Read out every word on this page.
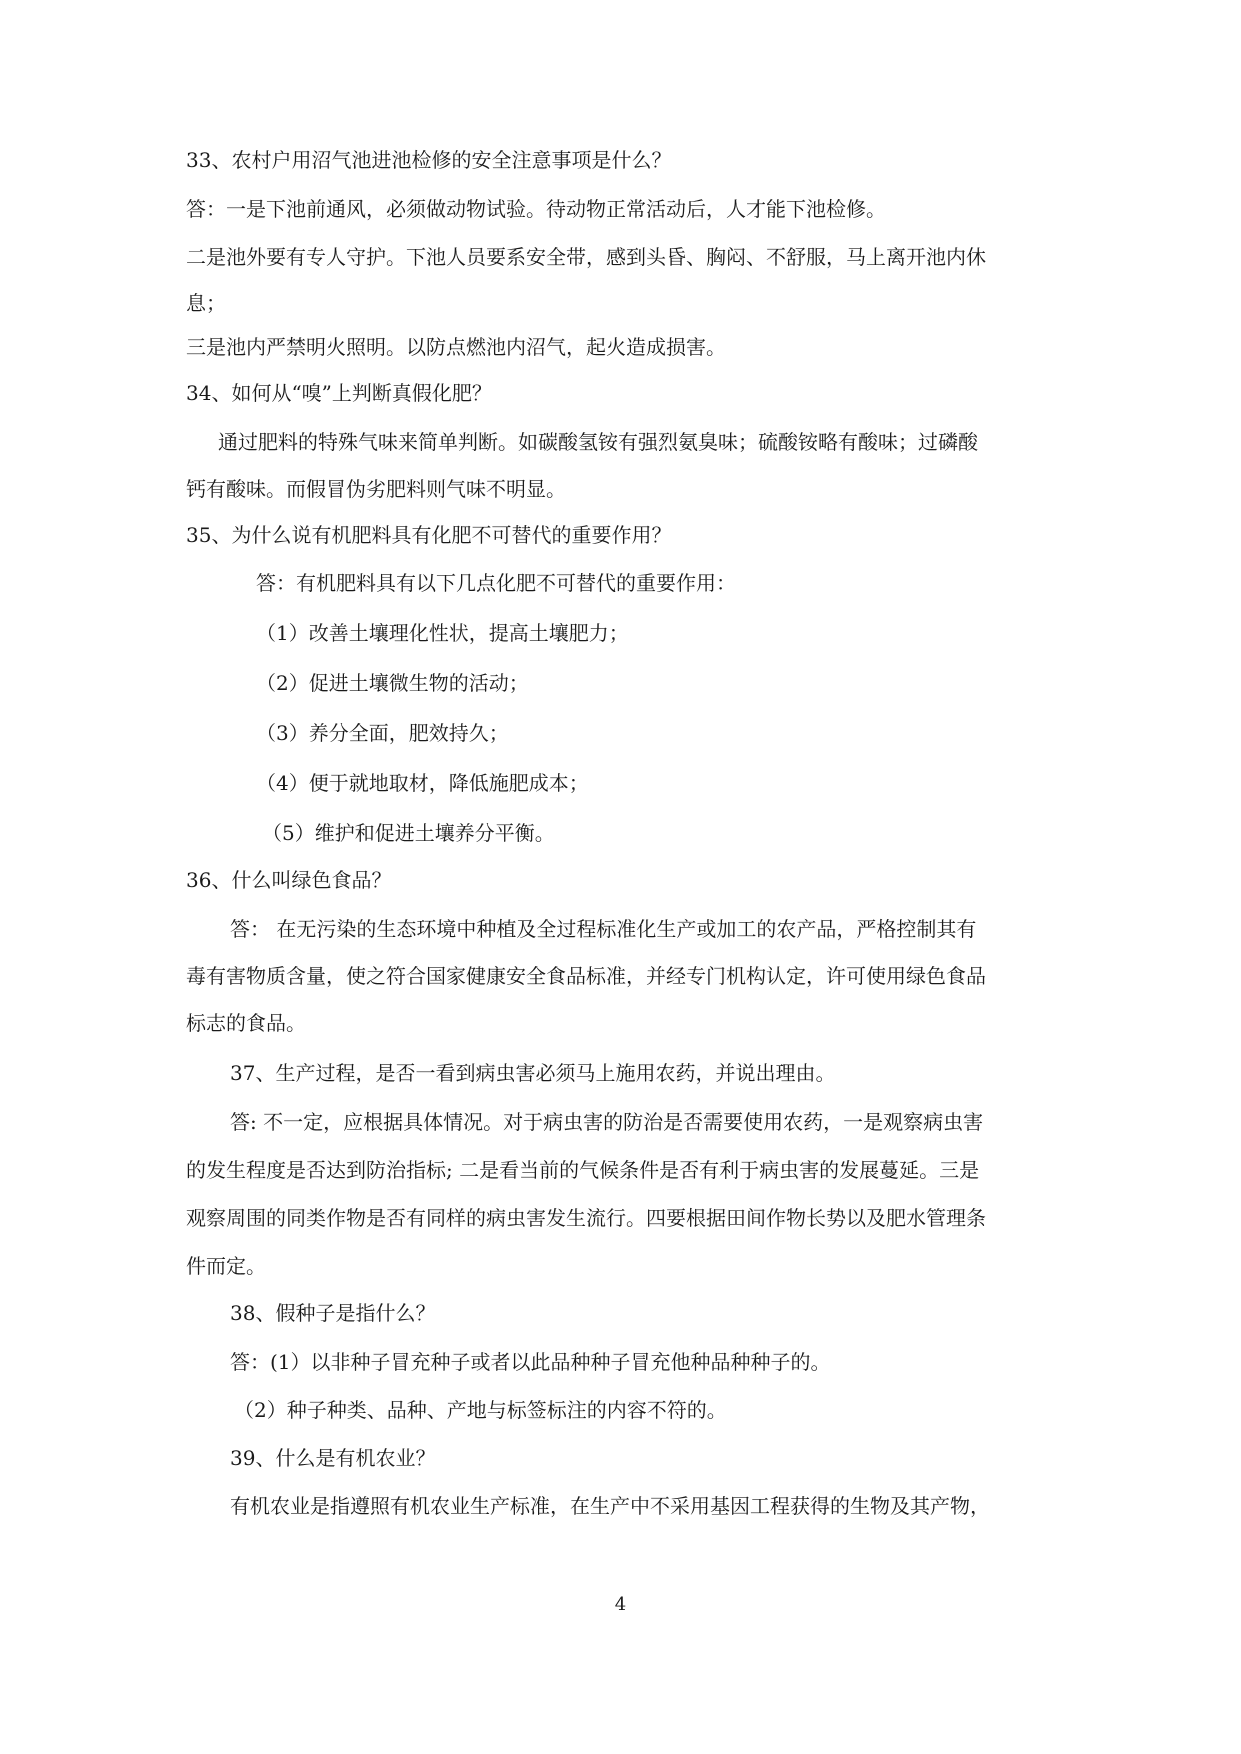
33、农村户用沼气池进池检修的安全注意事项是什么？
答：一是下池前通风，必须做动物试验。待动物正常活动后，人才能下池检修。
二是池外要有专人守护。下池人员要系安全带，感到头昏、胸闷、不舒服，马上离开池内休
息；
三是池内严禁明火照明。以防点燃池内沼气，起火造成损害。
34、如何从“嗅”上判断真假化肥？
通过肥料的特殊气味来简单判断。如碳酸氢铵有强烈氨臭味；硫酸铵略有酸味；过磷酸
钙有酸味。而假冒伪劣肥料则气味不明显。
35、为什么说有机肥料具有化肥不可替代的重要作用？
答：有机肥料具有以下几点化肥不可替代的重要作用：
（1）改善土壤理化性状，提高土壤肥力；
（2）促进土壤微生物的活动；
（3）养分全面，肥效持久；
（4）便于就地取材，降低施肥成本；
（5）维护和促进土壤养分平衡。
36、什么叫绿色食品？
答： 在无污染的生态环境中种植及全过程标准化生产或加工的农产品，严格控制其有
毒有害物质含量，使之符合国家健康安全食品标准，并经专门机构认定，许可使用绿色食品
标志的食品。
37、生产过程，是否一看到病虫害必须马上施用农药，并说出理由。
答: 不一定，应根据具体情况。对于病虫害的防治是否需要使用农药，一是观察病虫害
的发生程度是否达到防治指标; 二是看当前的气候条件是否有利于病虫害的发展蔓延。三是
观察周围的同类作物是否有同样的病虫害发生流行。四要根据田间作物长势以及肥水管理条
件而定。
38、假种子是指什么？
答：(1）以非种子冒充种子或者以此品种种子冒充他种品种种子的。
（2）种子种类、品种、产地与标签标注的内容不符的。
39、什么是有机农业？
有机农业是指遵照有机农业生产标准，在生产中不采用基因工程获得的生物及其产物，
4
